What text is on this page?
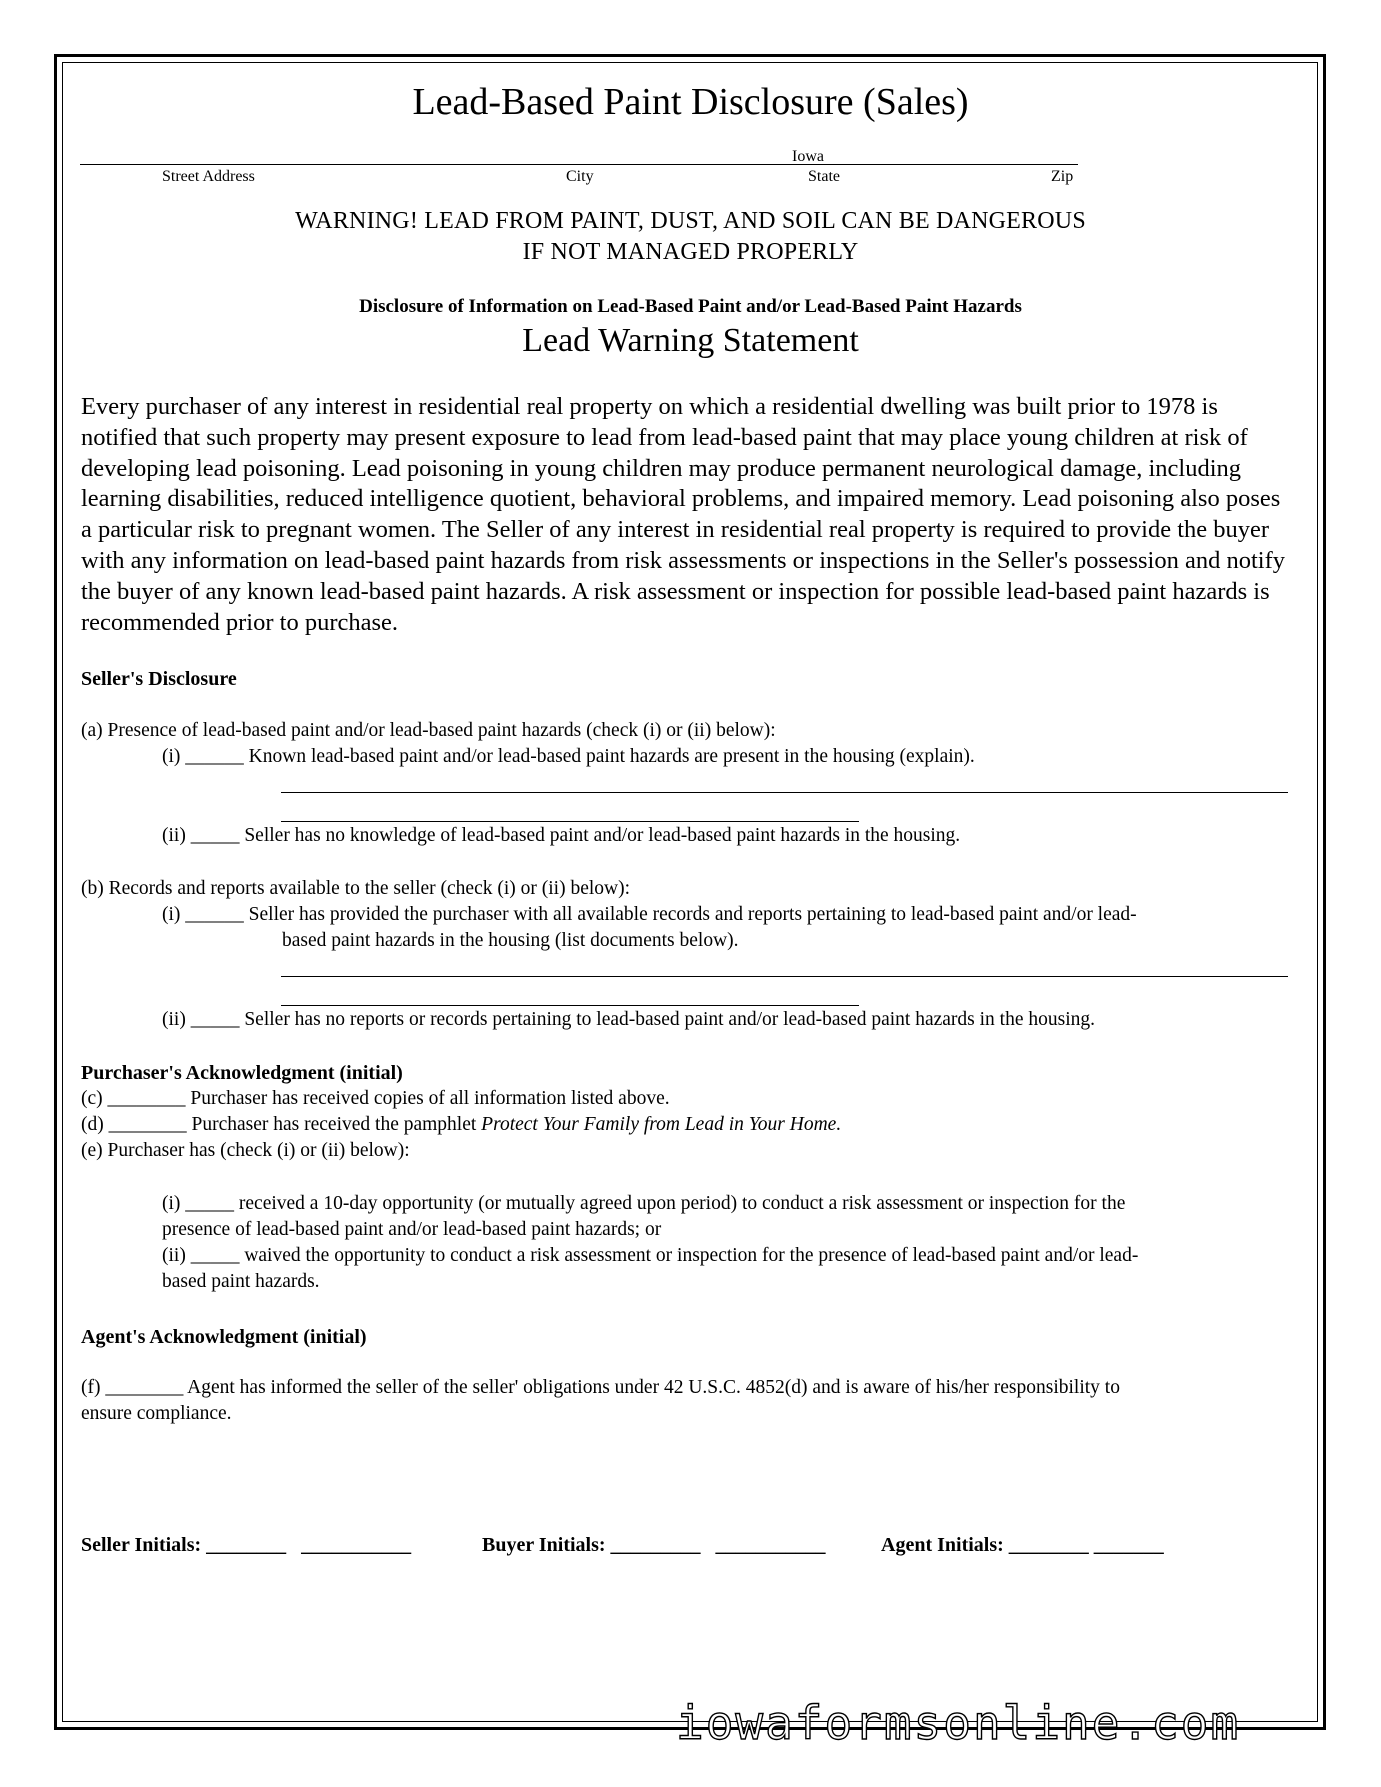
Lead-Based Paint Disclosure (Sales)
Iowa
Street Address	City	State	Zip
WARNING! LEAD FROM PAINT, DUST, AND SOIL CAN BE DANGEROUS
IF NOT MANAGED PROPERLY
Disclosure of Information on Lead-Based Paint and/or Lead-Based Paint Hazards
Lead Warning Statement

Every purchaser of any interest in residential real property on which a residential dwelling was built prior to 1978 is notified that such property may present exposure to lead from lead-based paint that may place young children at risk of developing lead poisoning. Lead poisoning in young children may produce permanent neurological damage, including learning disabilities, reduced intelligence quotient, behavioral problems, and impaired memory. Lead poisoning also poses a particular risk to pregnant women. The Seller of any interest in residential real property is required to provide the buyer with any information on lead-based paint hazards from risk assessments or inspections in the Seller's possession and notify the buyer of any known lead-based paint hazards. A risk assessment or inspection for possible lead-based paint hazards is recommended prior to purchase.

Seller's Disclosure
(a) Presence of lead-based paint and/or lead-based paint hazards (check (i) or (ii) below):
(i) ______ Known lead-based paint and/or lead-based paint hazards are present in the housing (explain).
(ii) _____ Seller has no knowledge of lead-based paint and/or lead-based paint hazards in the housing.
(b) Records and reports available to the seller (check (i) or (ii) below):
(i) ______ Seller has provided the purchaser with all available records and reports pertaining to lead-based paint and/or lead-
based paint hazards in the housing (list documents below).
(ii) _____ Seller has no reports or records pertaining to lead-based paint and/or lead-based paint hazards in the housing.
Purchaser's Acknowledgment (initial)
(c) ________ Purchaser has received copies of all information listed above.
(d) ________ Purchaser has received the pamphlet Protect Your Family from Lead in Your Home.
(e) Purchaser has (check (i) or (ii) below):
(i) _____ received a 10-day opportunity (or mutually agreed upon period) to conduct a risk assessment or inspection for the
presence of lead-based paint and/or lead-based paint hazards; or
(ii) _____ waived the opportunity to conduct a risk assessment or inspection for the presence of lead-based paint and/or lead-
based paint hazards.
Agent's Acknowledgment (initial)
(f) ________ Agent has informed the seller of the seller' obligations under 42 U.S.C. 4852(d) and is aware of his/her responsibility to
ensure compliance.
Seller Initials: ________   ___________	Buyer Initials: _________   ___________	Agent Initials: ________ _______
iowaformsonline.com
